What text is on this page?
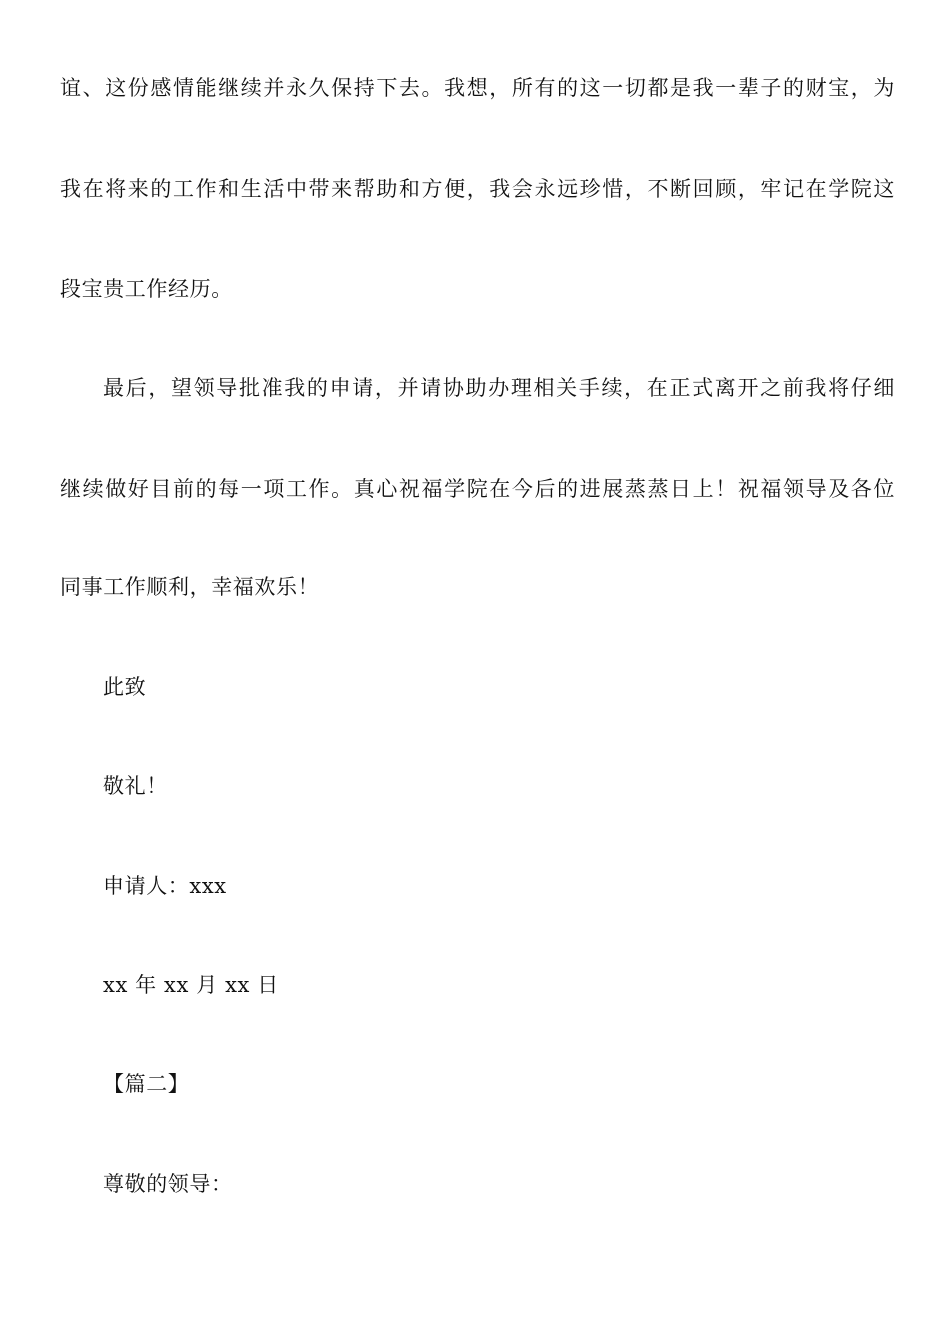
谊、这份感情能继续并永久保持下去。我想，所有的这一切都是我一辈子的财宝，为

我在将来的工作和生活中带来帮助和方便，我会永远珍惜，不断回顾，牢记在学院这

段宝贵工作经历。

最后，望领导批准我的申请，并请协助办理相关手续，在正式离开之前我将仔细

继续做好目前的每一项工作。真心祝福学院在今后的进展蒸蒸日上！祝福领导及各位

同事工作顺利，幸福欢乐！

此致

敬礼！

申请人：xxx

xx 年 xx 月 xx 日

【篇二】

尊敬的领导：
